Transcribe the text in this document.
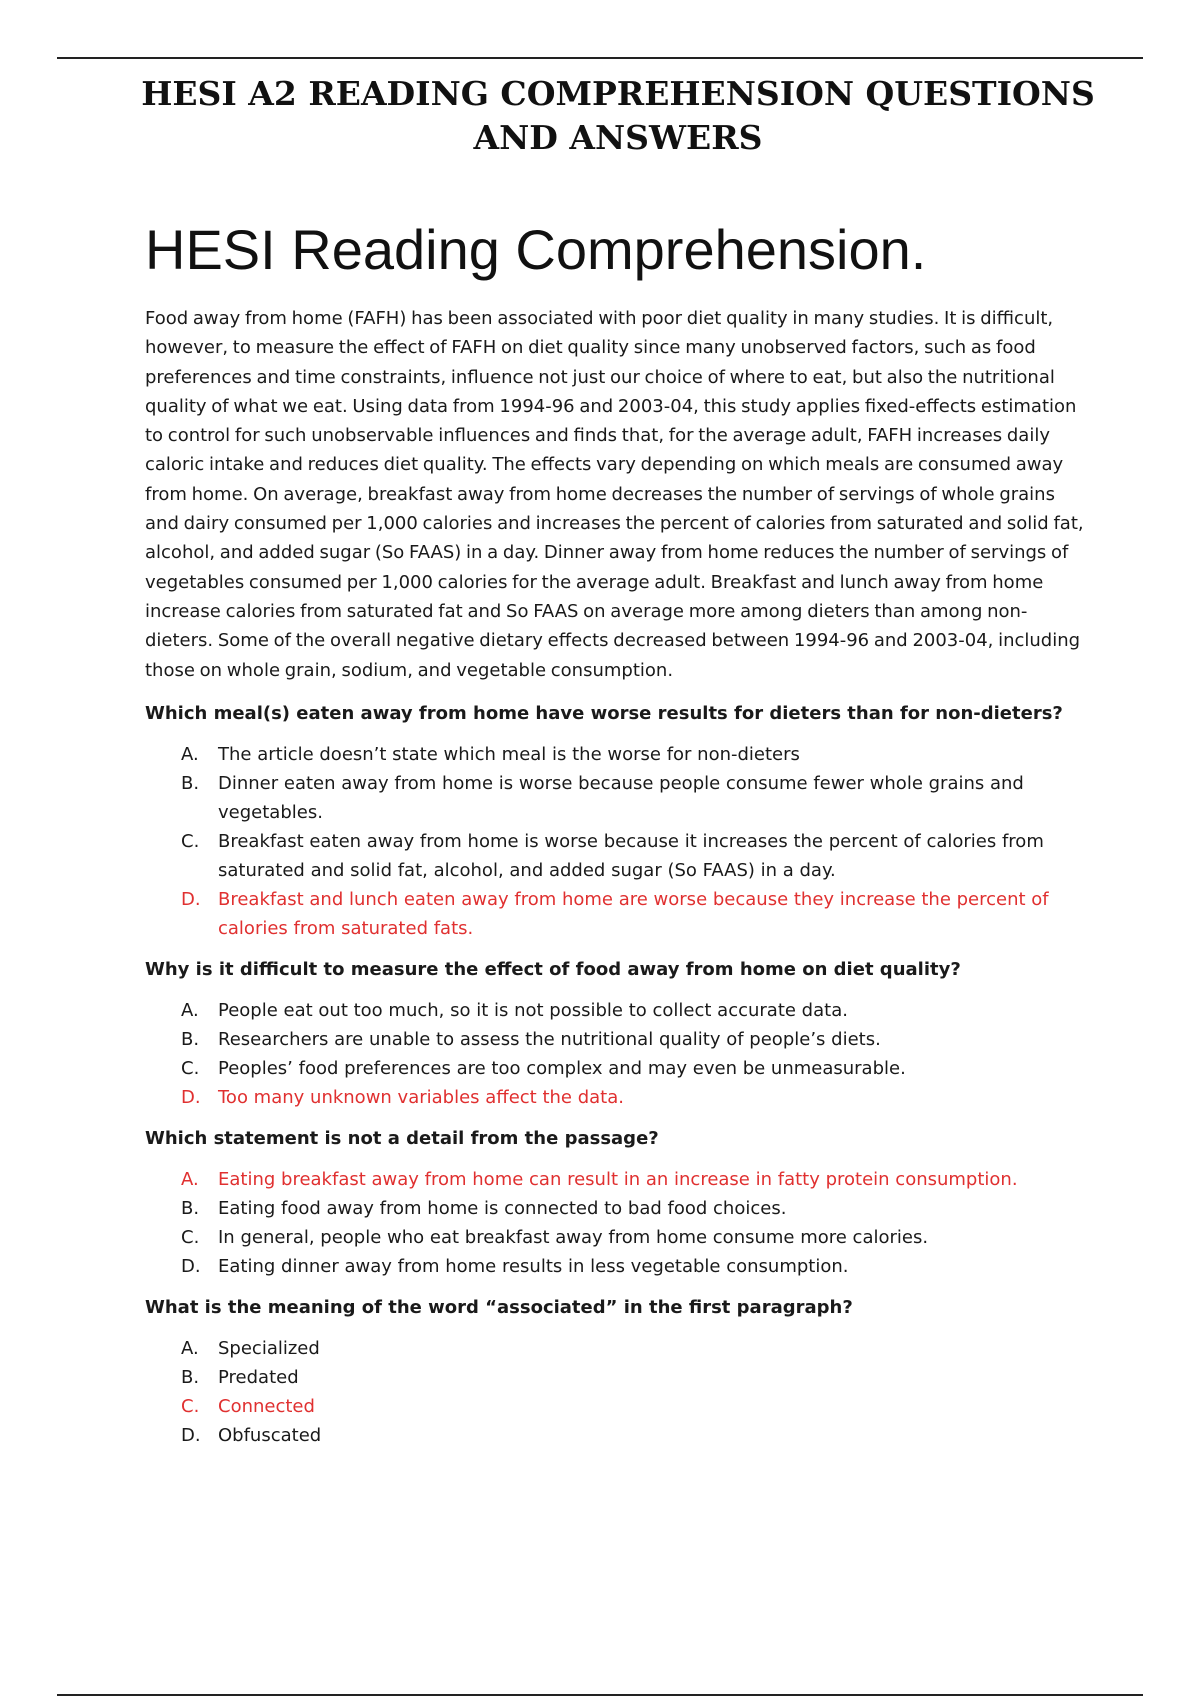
HESI A2 READING COMPREHENSION QUESTIONS AND ANSWERS
HESI Reading Comprehension.

Food away from home (FAFH) has been associated with poor diet quality in many studies. It is difficult, however, to measure the effect of FAFH on diet quality since many unobserved factors, such as food preferences and time constraints, influence not just our choice of where to eat, but also the nutritional quality of what we eat. Using data from 1994-96 and 2003-04, this study applies fixed-effects estimation to control for such unobservable influences and finds that, for the average adult, FAFH increases daily caloric intake and reduces diet quality. The effects vary depending on which meals are consumed away from home. On average, breakfast away from home decreases the number of servings of whole grains and dairy consumed per 1,000 calories and increases the percent of calories from saturated and solid fat, alcohol, and added sugar (So FAAS) in a day. Dinner away from home reduces the number of servings of vegetables consumed per 1,000 calories for the average adult. Breakfast and lunch away from home increase calories from saturated fat and So FAAS on average more among dieters than among non-dieters. Some of the overall negative dietary effects decreased between 1994-96 and 2003-04, including those on whole grain, sodium, and vegetable consumption.

Which meal(s) eaten away from home have worse results for dieters than for non-dieters?

A.	The article doesn’t state which meal is the worse for non-dieters
B.	Dinner eaten away from home is worse because people consume fewer whole grains and vegetables.
C.	Breakfast eaten away from home is worse because it increases the percent of calories from saturated and solid fat, alcohol, and added sugar (So FAAS) in a day.
D. Breakfast and lunch eaten away from home are worse because they increase the percent of calories from saturated fats.

Why is it difficult to measure the effect of food away from home on diet quality?

A.	People eat out too much, so it is not possible to collect accurate data.
B.	Researchers are unable to assess the nutritional quality of people’s diets.
C.	Peoples’ food preferences are too complex and may even be unmeasurable.
D. Too many unknown variables affect the data.

Which statement is not a detail from the passage?

A.	Eating breakfast away from home can result in an increase in fatty protein consumption.
B.	Eating food away from home is connected to bad food choices.
C.	In general, people who eat breakfast away from home consume more calories.
D. Eating dinner away from home results in less vegetable consumption.

What is the meaning of the word “associated” in the first paragraph?

A.	Specialized
B.	Predated
C.	Connected
D. Obfuscated
